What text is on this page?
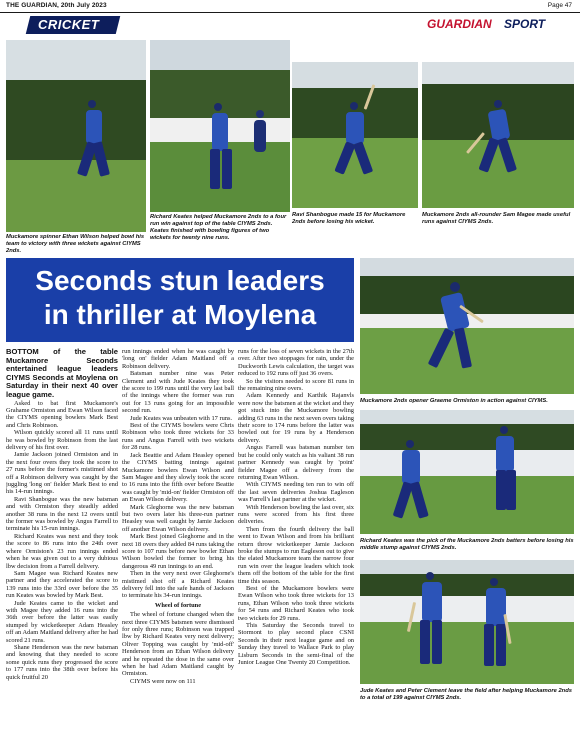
THE GUARDIAN, 20th July 2023	Page 47
CRICKET	GUARDIAN SPORT
Muckamore spinner Ethan Wilson helped bowl his team to victory with three wickets against CIYMS 2nds.
Richard Keates helped Muckamore 2nds to a four run win against top of the table CIYMS 2nds. Keates finished with bowling figures of two wickets for twenty nine runs.
Ravi Shanbogue made 15 for Muckamore 2nds before losing his wicket.
Muckamore 2nds all-rounder Sam Magee made useful runs against CIYMS 2nds.
Seconds stun leaders
in thriller at Moylena
Muckamore 2nds opener Graeme Ormiston in action against CIYMS.
Richard Keates was the pick of the Muckamore 2nds batters before losing his middle stump against CIYMS 2nds.
Jude Keates and Peter Clement leave the field after helping Muckamore 2nds to a total of 199 against CIYMS 2nds.

BOTTOM of the table Muckamore Seconds entertained league leaders CIYMS Seconds at Moylena on Saturday in their next 40 over league game.

Asked to bat first Muckamore's Grahame Ormiston and Ewan Wilson faced the CIYMS opening bowlers Mark Best and Chris Robinson.

Wilson quickly scored all 11 runs until he was bowled by Robinson from the last delivery of his first over.

Jamie Jackson joined Ormiston and in the next four overs they took the score to 27 runs before the former's mistimed shot off a Robinson delivery was caught by the juggling 'long on' fielder Mark Best to end his 14-run innings.

Ravi Shanbogue was the new batsman and with Ormiston they steadily added another 38 runs in the next 12 overs until the former was bowled by Angus Farrell to terminate his 15-run innings.

Richard Keates was next and they took the score to 86 runs into the 24th over where Ormiston's 23 run innings ended when he was given out to a very dubious lbw decision from a Farrell delivery.

Sam Magee was Richard Keates new partner and they accelerated the score to 139 runs into the 33rd over before the 35 run Keates was bowled by Mark Best.

Jude Keates came to the wicket and with Magee they added 16 runs into the 36th over before the latter was easily stumped by wicketkeeper Adam Heasley off an Adam Maitland delivery after he had scored 21 runs.

Shane Henderson was the new batsman and knowing that they needed to score some quick runs they progressed the score to 177 runs into the 38th over before his quick fruitful 20

run innings ended when he was caught by 'long on' fielder Adam Maitland off a Robinson delivery.

Batsman number nine was Peter Clement and with Jude Keates they took the score to 199 runs until the very last ball of the innings where the former was run out for 13 runs going for an impossible second run.

Jude Keates was unbeaten with 17 runs.

Best of the CIYMS bowlers were Chris Robinson who took three wickets for 33 runs and Angus Farrell with two wickets for 28 runs.

Jack Beattie and Adam Heasley opened the CIYMS batting innings against Muckamore bowlers Ewan Wilson and Sam Magee and they slowly took the score to 16 runs into the fifth over before Beattie was caught by 'mid-on' fielder Ormiston off an Ewan Wilson delivery.

Mark Gleghorne was the new batsman but two overs later his three-run partner Heasley was well caught by Jamie Jackson off another Ewan Wilson delivery.

Mark Best joined Gleghorne and in the next 18 overs they added 84 runs taking the score to 107 runs before new bowler Ethan Wilson bowled the former to bring his dangerous 49 run innings to an end.

Then in the very next over Gleghorne's mistimed shot off a Richard Keates delivery fell into the safe hands of Jackson to terminate his 34-run innings.

Wheel of fortune

The wheel of fortune changed when the next three CIYMS batsmen were dismissed for only three runs; Robinson was trapped lbw by Richard Keates very next delivery; Oliver Topping was caught by 'mid-off' Henderson from an Ethan Wilson delivery and he repeated the dose in the same over when he had Adam Maitland caught by Ormiston.

CIYMS were now on 111

runs for the loss of seven wickets in the 27th over. After two stoppages for rain, under the Duckworth Lewis calculation, the target was reduced to 192 runs off just 36 overs.

So the visitors needed to score 81 runs in the remaining nine overs.

Adam Kennedy and Karthik Rajanvls were now the batsmen at the wicket and they got stuck into the Muckamore bowling adding 63 runs in the next seven overs taking their score to 174 runs before the latter was bowled out for 19 runs by a Henderson delivery.

Angus Farrell was batsman number ten but he could only watch as his valiant 38 run partner Kennedy was caught by 'point' fielder Magee off a delivery from the returning Ewan Wilson.

With CIYMS needing ten run to win off the last seven deliveries Joshua Eagleson was Farrell's last partner at the wicket.

With Henderson bowling the last over, six runs were scored from his first three deliveries.

Then from the fourth delivery the ball went to Ewan Wilson and from his brilliant return throw wicketkeeper Jamie Jackson broke the stumps to run Eagleson out to give the elated Muckamore team the narrow four run win over the league leaders which took them off the bottom of the table for the first time this season.

Best of the Muckamore bowlers were Ewan Wilson who took three wickets for 13 runs, Ethan Wilson who took three wickets for 54 runs and Richard Keates who took two wickets for 29 runs.

This Saturday the Seconds travel to Stormont to play second place CSNI Seconds in their next league game and on Sunday they travel to Wallace Park to play Lisburn Seconds in the semi-final of the Junior League One Twenty 20 Competition.
